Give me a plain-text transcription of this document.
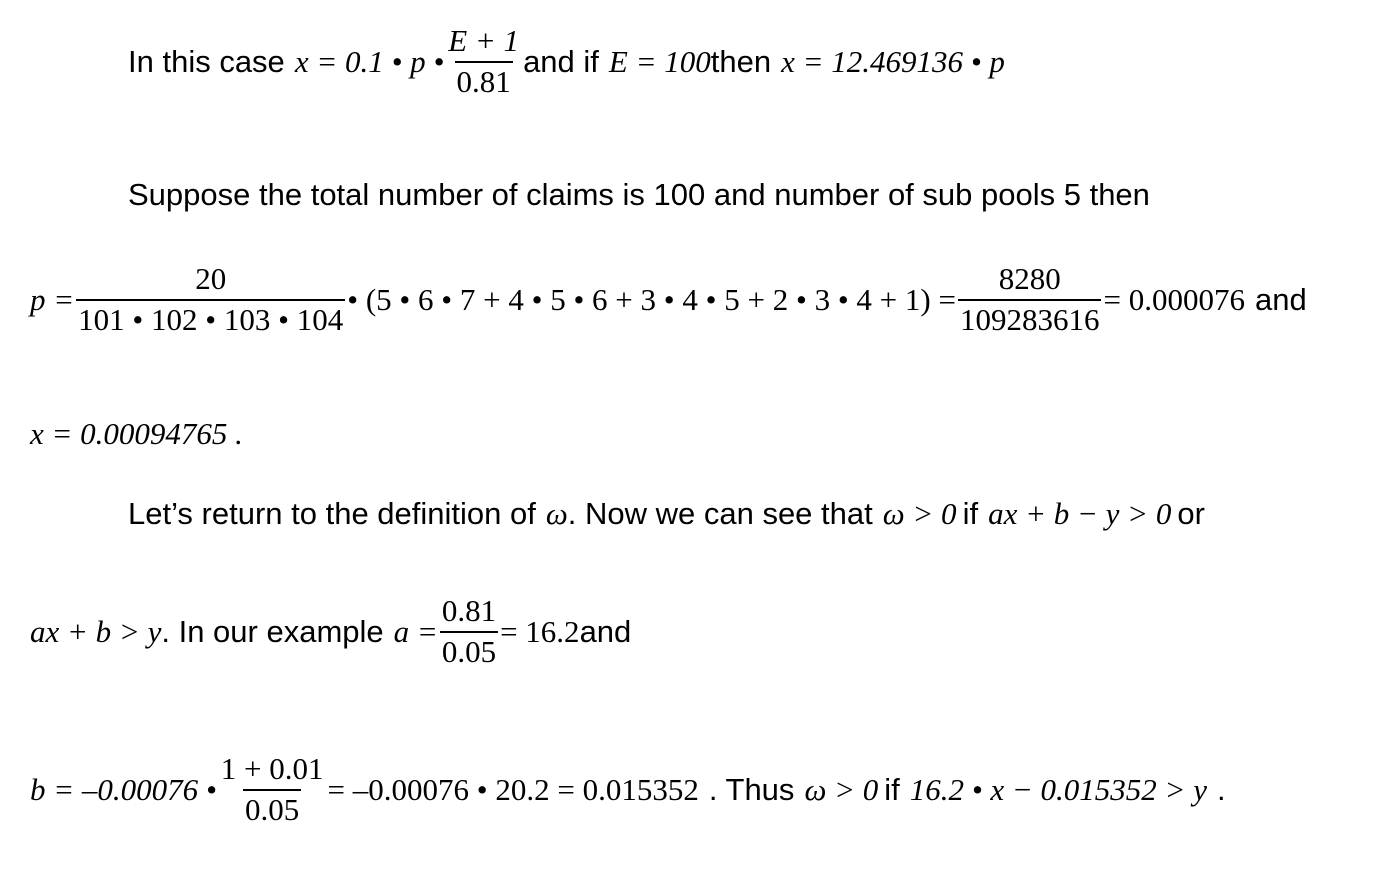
In this case x = 0.1 • p • $\frac{E + 1}{0.81}$ and if E = 100 then x = 12.469136 • p
Suppose the total number of claims is 100 and number of sub pools 5 then
$p = \frac{20}{101 • 102 • 103 • 104}$ • (5 • 6 • 7 + 4 • 5 • 6 + 3 • 4 • 5 + 2 • 3 • $4 + 1) = \frac{8280}{109283616} = 0.000076$ and
x = 0.00094765 .
Let’s return to the definition of ω . Now we can see that ω > 0 if ax + b − y > 0 or
ax + b > y . In our example $a = \frac{0.81}{0.05} = 16.2$ and
b = –0.00076 • $\frac{1 + 0.01}{0.05} = -0.00076$ • 20.2 = 0.015352 . Thus ω > 0 if 16.2 • x − 0.015352 > y .
